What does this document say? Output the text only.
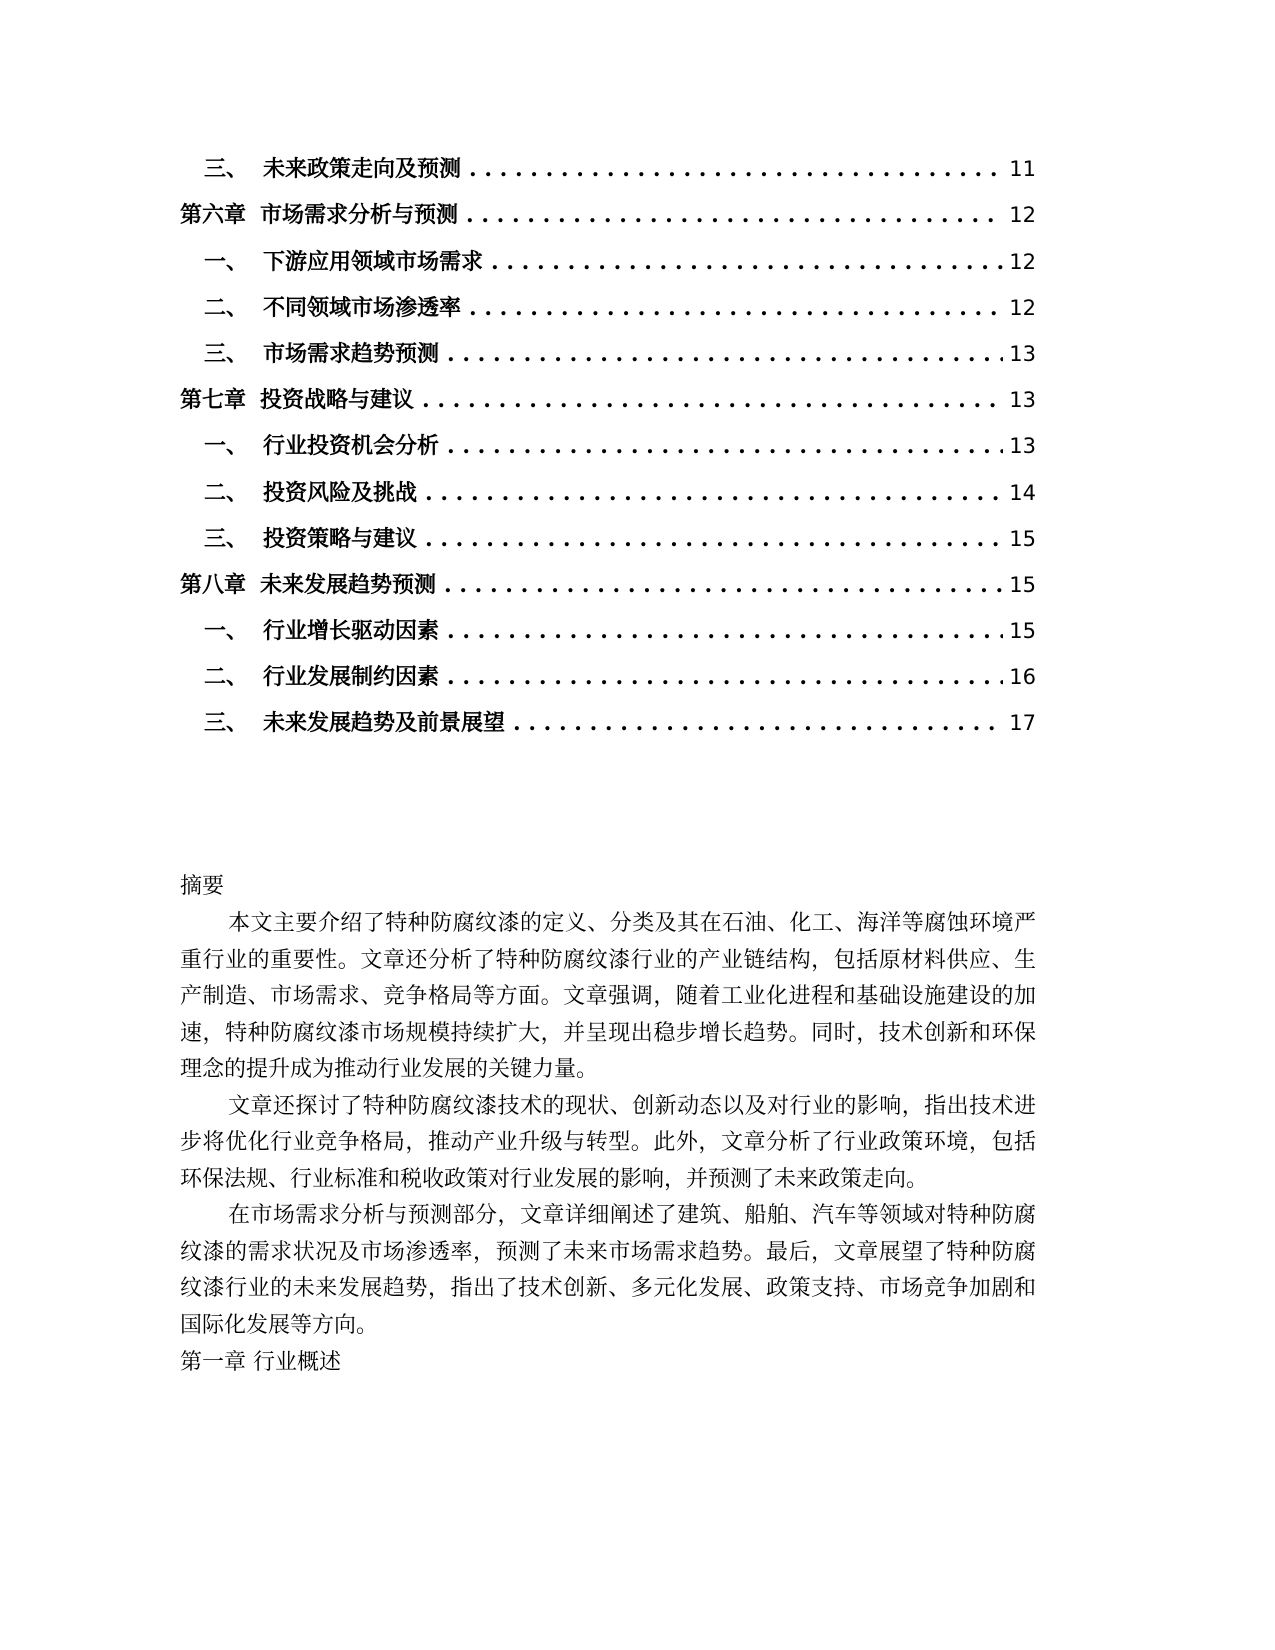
三、 未来政策走向及预测 . . .	11
第六章 市场需求分析与预测 . . .	12
一、 下游应用领域市场需求 . . .	12
二、 不同领域市场渗透率 . . .	12
三、 市场需求趋势预测 . . .	13
第七章 投资战略与建议 . . .	13
一、 行业投资机会分析 . . .	13
二、 投资风险及挑战 . . .	14
三、 投资策略与建议 . . .	15
第八章 未来发展趋势预测 . . .	15
一、 行业增长驱动因素 . . .	15
二、 行业发展制约因素 . . .	16
三、 未来发展趋势及前景展望 . . .	17
摘要

本文主要介绍了特种防腐纹漆的定义、分类及其在石油、化工、海洋等腐蚀环境严重行业的重要性。文章还分析了特种防腐纹漆行业的产业链结构，包括原材料供应、生产制造、市场需求、竞争格局等方面。文章强调，随着工业化进程和基础设施建设的加速，特种防腐纹漆市场规模持续扩大，并呈现出稳步增长趋势。同时，技术创新和环保理念的提升成为推动行业发展的关键力量。

文章还探讨了特种防腐纹漆技术的现状、创新动态以及对行业的影响，指出技术进步将优化行业竞争格局，推动产业升级与转型。此外，文章分析了行业政策环境，包括环保法规、行业标准和税收政策对行业发展的影响，并预测了未来政策走向。

在市场需求分析与预测部分，文章详细阐述了建筑、船舶、汽车等领域对特种防腐纹漆的需求状况及市场渗透率，预测了未来市场需求趋势。最后，文章展望了特种防腐纹漆行业的未来发展趋势，指出了技术创新、多元化发展、政策支持、市场竞争加剧和国际化发展等方向。

第一章 行业概述
